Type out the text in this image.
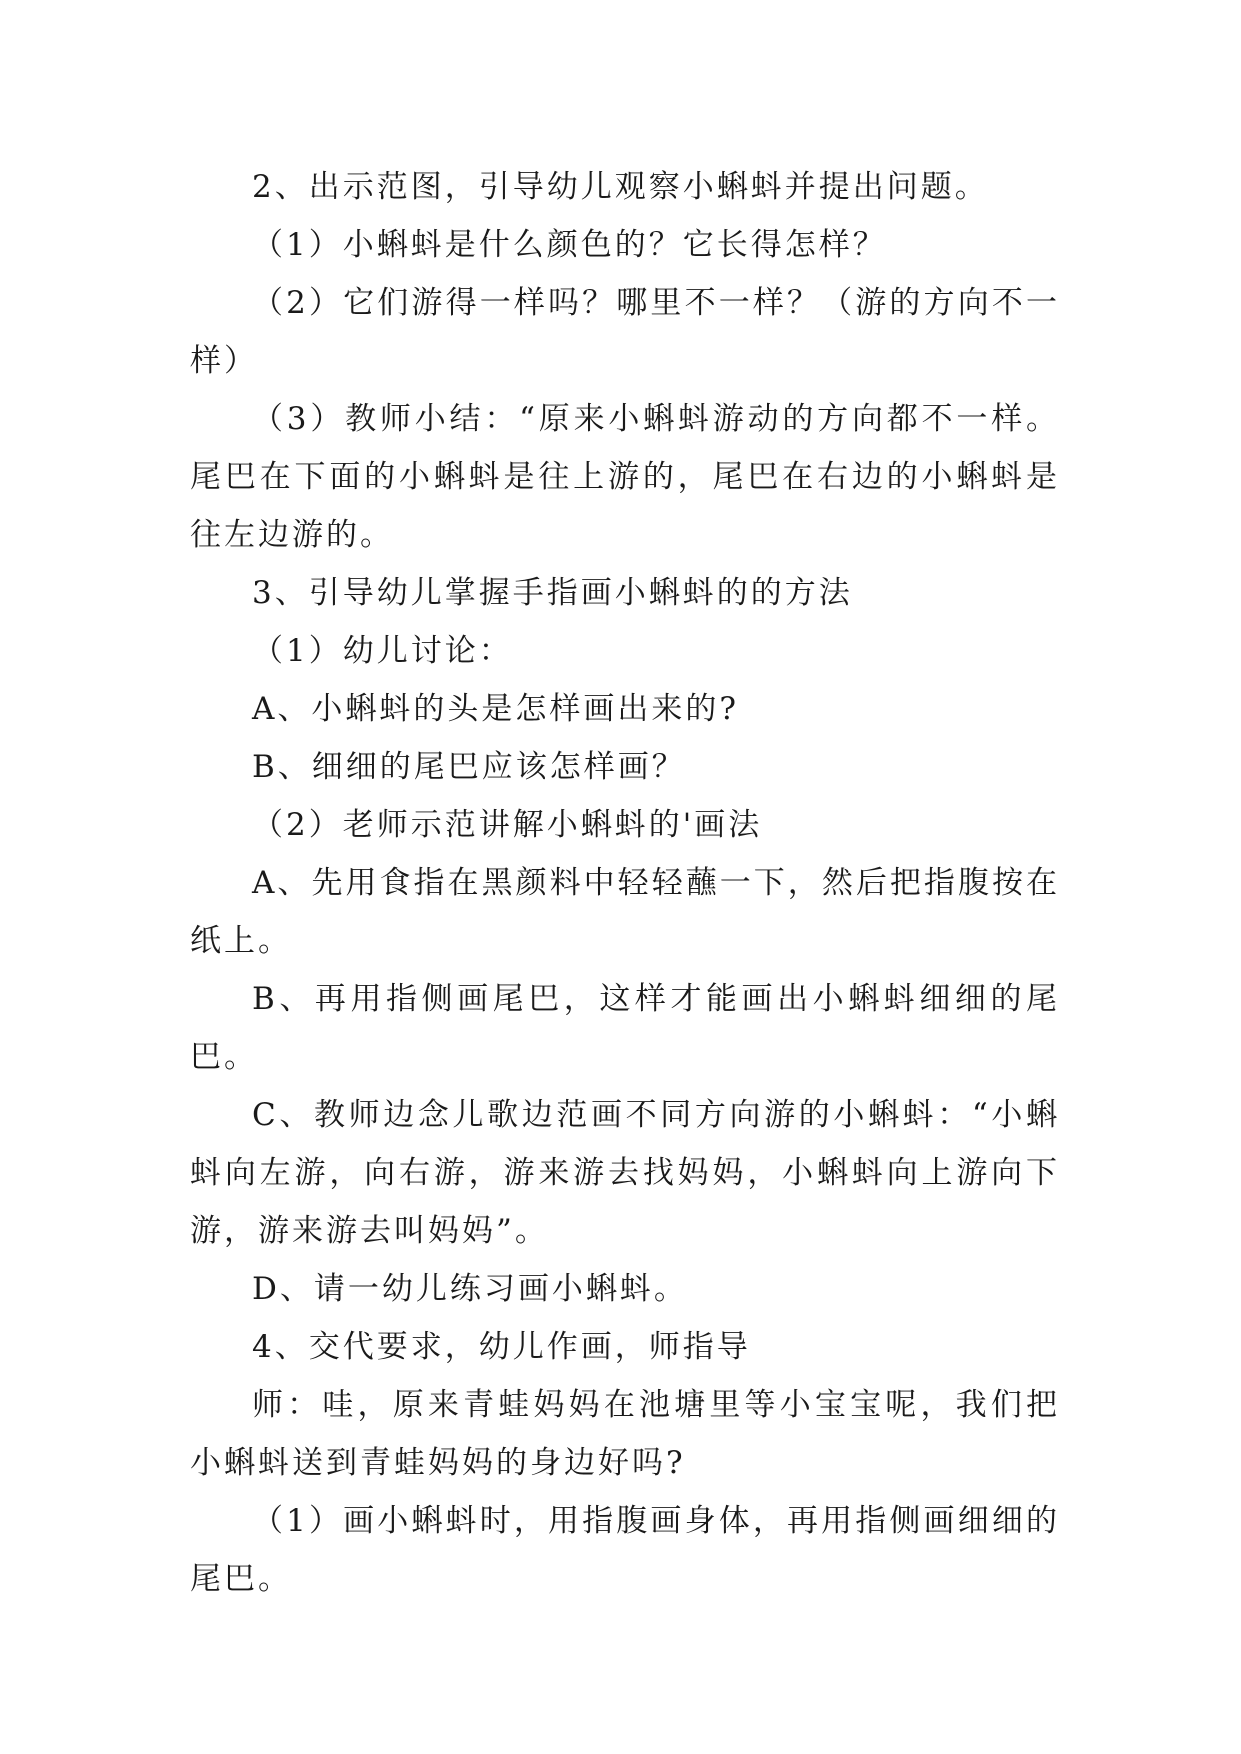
2、出示范图，引导幼儿观察小蝌蚪并提出问题。

（1）小蝌蚪是什么颜色的？它长得怎样？

（2）它们游得一样吗？哪里不一样？（游的方向不一样）

（3）教师小结：“原来小蝌蚪游动的方向都不一样。尾巴在下面的小蝌蚪是往上游的，尾巴在右边的小蝌蚪是往左边游的。

3、引导幼儿掌握手指画小蝌蚪的的方法

（1）幼儿讨论：

A、小蝌蚪的头是怎样画出来的?

B、细细的尾巴应该怎样画？

（2）老师示范讲解小蝌蚪的'画法

A、先用食指在黑颜料中轻轻蘸一下，然后把指腹按在纸上。

B、再用指侧画尾巴，这样才能画出小蝌蚪细细的尾巴。

C、教师边念儿歌边范画不同方向游的小蝌蚪：“小蝌蚪向左游，向右游，游来游去找妈妈，小蝌蚪向上游向下游，游来游去叫妈妈”。

D、请一幼儿练习画小蝌蚪。

4、交代要求，幼儿作画，师指导

师：哇，原来青蛙妈妈在池塘里等小宝宝呢，我们把小蝌蚪送到青蛙妈妈的身边好吗?

（1）画小蝌蚪时，用指腹画身体，再用指侧画细细的尾巴。
